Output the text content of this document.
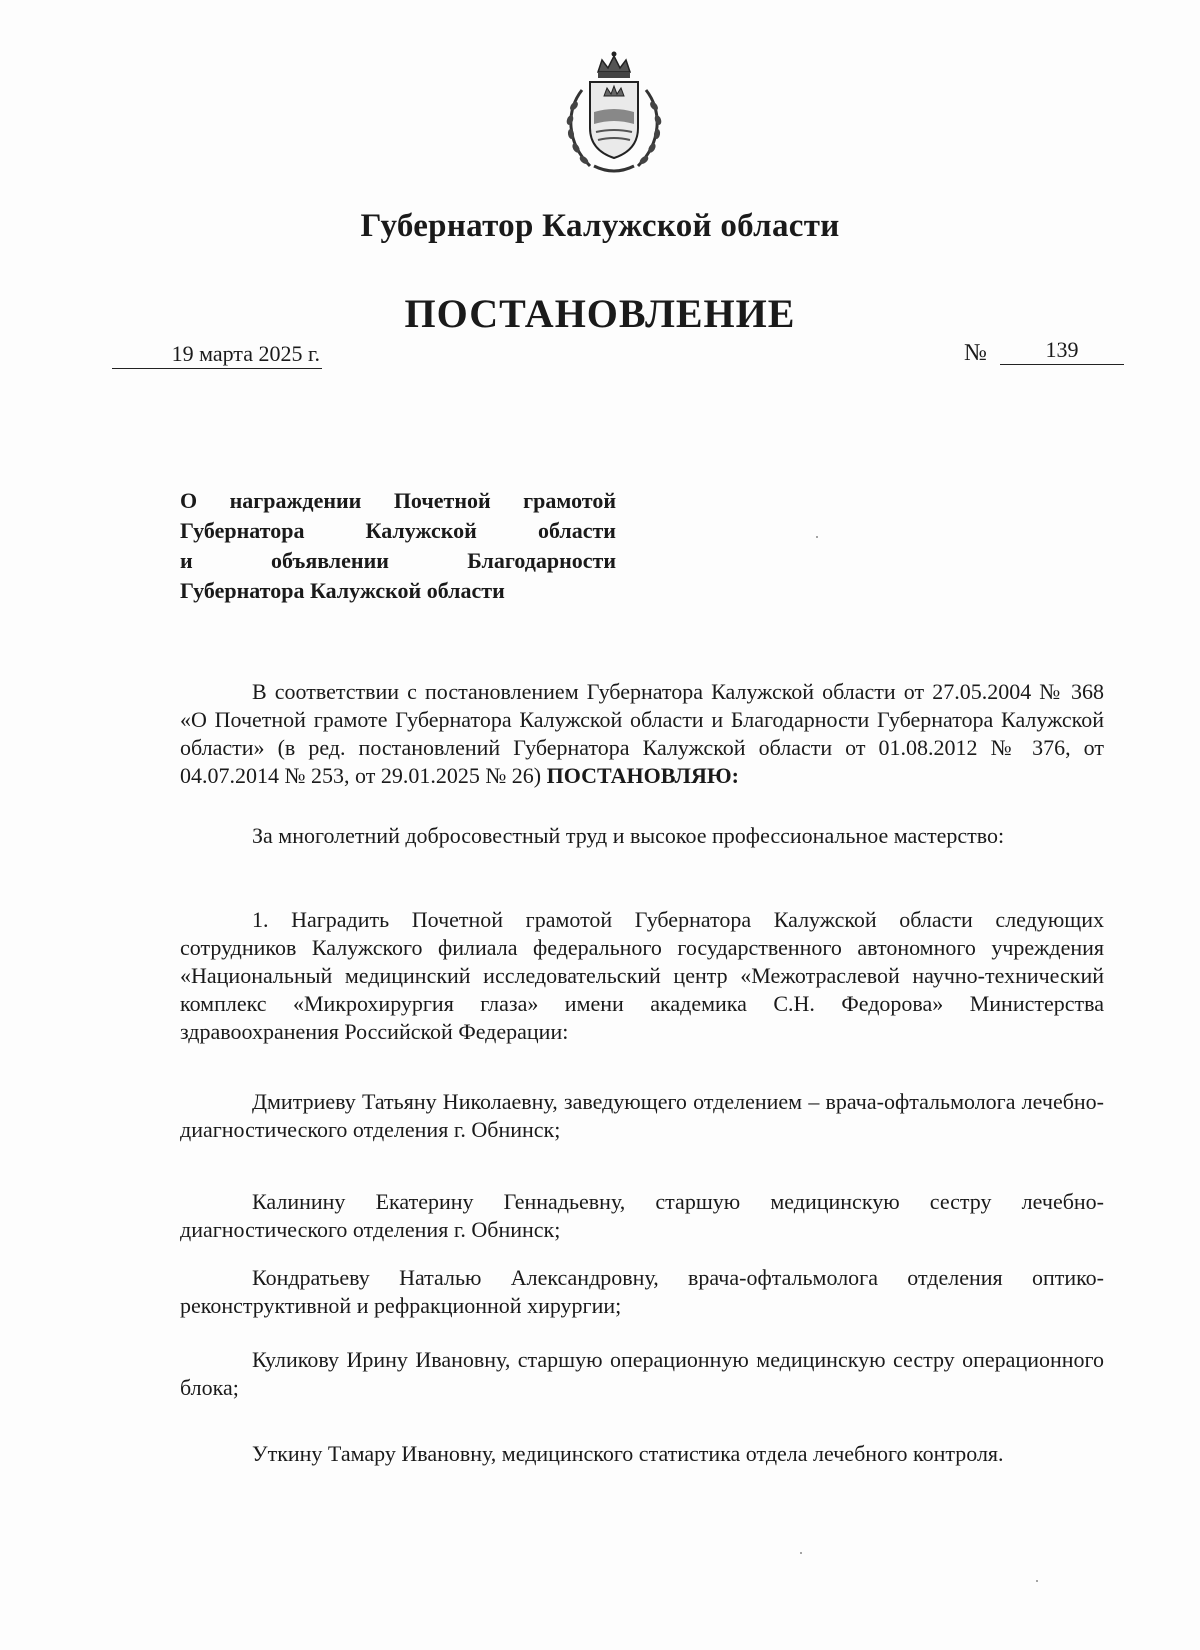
Губернатор Калужской области
ПОСТАНОВЛЕНИЕ
19 марта 2025 г.	№	139
О награждении Почетной грамотой
Губернатора Калужской области
и объявлении Благодарности
Губернатора Калужской области

В соответствии с постановлением Губернатора Калужской области от 27.05.2004 № 368 «О Почетной грамоте Губернатора Калужской области и Благодарности Губернатора Калужской области» (в ред. постановлений Губернатора Калужской области от 01.08.2012 № 376, от 04.07.2014 № 253, от 29.01.2025 № 26) ПОСТАНОВЛЯЮ:

За многолетний добросовестный труд и высокое профессиональное мастерство:

1. Наградить Почетной грамотой Губернатора Калужской области следующих сотрудников Калужского филиала федерального государственного автономного учреждения «Национальный медицинский исследовательский центр «Межотраслевой научно-технический комплекс «Микрохирургия глаза» имени академика С.Н. Федорова» Министерства здравоохранения Российской Федерации:

Дмитриеву Татьяну Николаевну, заведующего отделением – врача-офтальмолога лечебно-диагностического отделения г. Обнинск;

Калинину Екатерину Геннадьевну, старшую медицинскую сестру лечебно-диагностического отделения г. Обнинск;

Кондратьеву Наталью Александровну, врача-офтальмолога отделения оптико-реконструктивной и рефракционной хирургии;

Куликову Ирину Ивановну, старшую операционную медицинскую сестру операционного блока;

Уткину Тамару Ивановну, медицинского статистика отдела лечебного контроля.
